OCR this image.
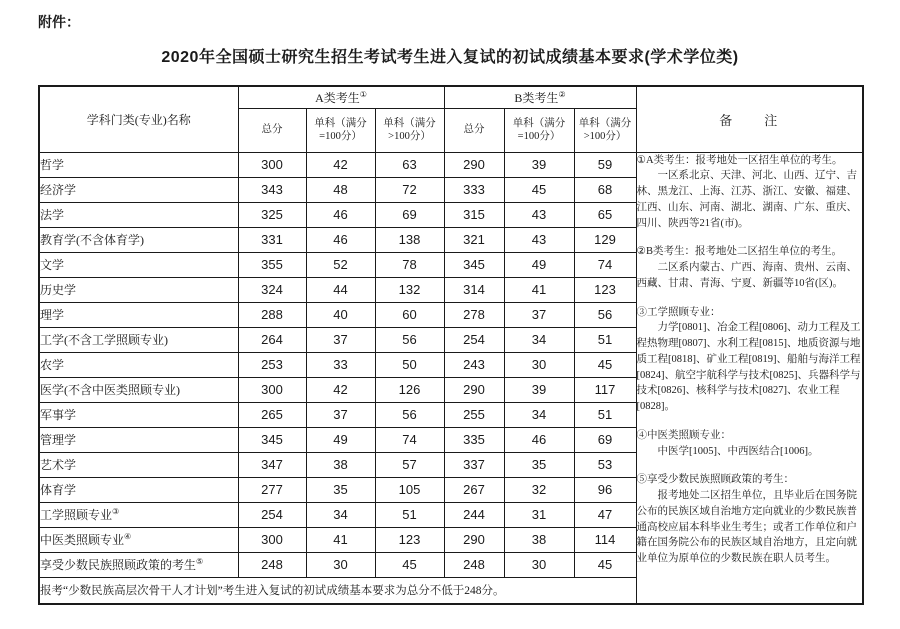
附件：
2020年全国硕士研究生招生考试考生进入复试的初试成绩基本要求(学术学位类)
学科门类(专业)名称	A类考生①			B类考生②			备　　注
	总分	单科（满分=100分）	单科（满分>100分）	总分	单科（满分=100分）	单科（满分>100分）	
哲学	300	42	63	290	39	59	①A类考生：报考地处一区招生单位的考生。

一区系北京、天津、河北、山西、辽宁、吉林、黑龙江、上海、江苏、浙江、安徽、福建、江西、山东、河南、湖北、湖南、广东、重庆、四川、陕西等21省(市)。

②B类考生：报考地处二区招生单位的考生。

二区系内蒙古、广西、海南、贵州、云南、西藏、甘肃、青海、宁夏、新疆等10省(区)。

③工学照顾专业：

力学[0801]、冶金工程[0806]、动力工程及工程热物理[0807]、水利工程[0815]、地质资源与地质工程[0818]、矿业工程[0819]、船舶与海洋工程[0824]、航空宇航科学与技术[0825]、兵器科学与技术[0826]、核科学与技术[0827]、农业工程[0828]。

④中医类照顾专业：

中医学[1005]、中西医结合[1006]。

⑤享受少数民族照顾政策的考生：

报考地处二区招生单位，且毕业后在国务院公布的民族区域自治地方定向就业的少数民族普通高校应届本科毕业生考生；或者工作单位和户籍在国务院公布的民族区域自治地方，且定向就业单位为原单位的少数民族在职人员考生。

经济学	343	48	72	333	45	68	
法学	325	46	69	315	43	65	
教育学(不含体育学)	331	46	138	321	43	129	
文学	355	52	78	345	49	74	
历史学	324	44	132	314	41	123	
理学	288	40	60	278	37	56	
工学(不含工学照顾专业)	264	37	56	254	34	51	
农学	253	33	50	243	30	45	
医学(不含中医类照顾专业)	300	42	126	290	39	117	
军事学	265	37	56	255	34	51	
管理学	345	49	74	335	46	69	
艺术学	347	38	57	337	35	53	
体育学	277	35	105	267	32	96	
工学照顾专业③	254	34	51	244	31	47	
中医类照顾专业④	300	41	123	290	38	114	
享受少数民族照顾政策的考生⑤	248	30	45	248	30	45	
报考“少数民族高层次骨干人才计划”考生进入复试的初试成绩基本要求为总分不低于248分。							
